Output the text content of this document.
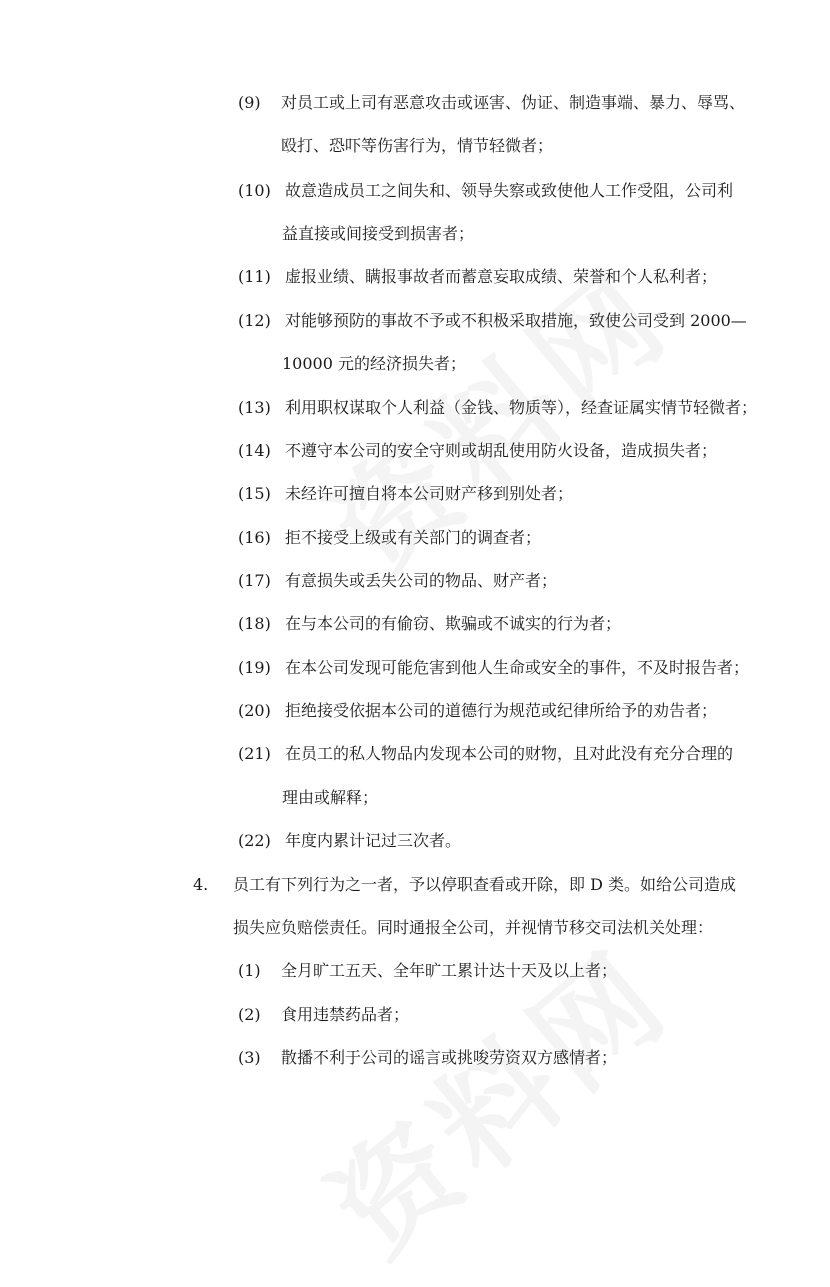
(9) 对员工或上司有恶意攻击或诬害、伪证、制造事端、暴力、辱骂、
殴打、恐吓等伤害行为，情节轻微者；
(10) 故意造成员工之间失和、领导失察或致使他人工作受阻，公司利
益直接或间接受到损害者；
(11) 虚报业绩、瞒报事故者而蓄意妄取成绩、荣誉和个人私利者；
(12) 对能够预防的事故不予或不积极采取措施，致使公司受到 2000—
10000 元的经济损失者；
(13) 利用职权谋取个人利益（金钱、物质等），经查证属实情节轻微者；
(14) 不遵守本公司的安全守则或胡乱使用防火设备，造成损失者；
(15) 未经许可擅自将本公司财产移到别处者；
(16) 拒不接受上级或有关部门的调查者；
(17) 有意损失或丢失公司的物品、财产者；
(18) 在与本公司的有偷窃、欺骗或不诚实的行为者；
(19) 在本公司发现可能危害到他人生命或安全的事件，不及时报告者；
(20) 拒绝接受依据本公司的道德行为规范或纪律所给予的劝告者；
(21) 在员工的私人物品内发现本公司的财物，且对此没有充分合理的
理由或解释；
(22) 年度内累计记过三次者。
4. 员工有下列行为之一者，予以停职查看或开除，即 D 类。如给公司造成
损失应负赔偿责任。同时通报全公司，并视情节移交司法机关处理：
(1) 全月旷工五天、全年旷工累计达十天及以上者；
(2) 食用违禁药品者；
(3) 散播不利于公司的谣言或挑唆劳资双方感情者；
